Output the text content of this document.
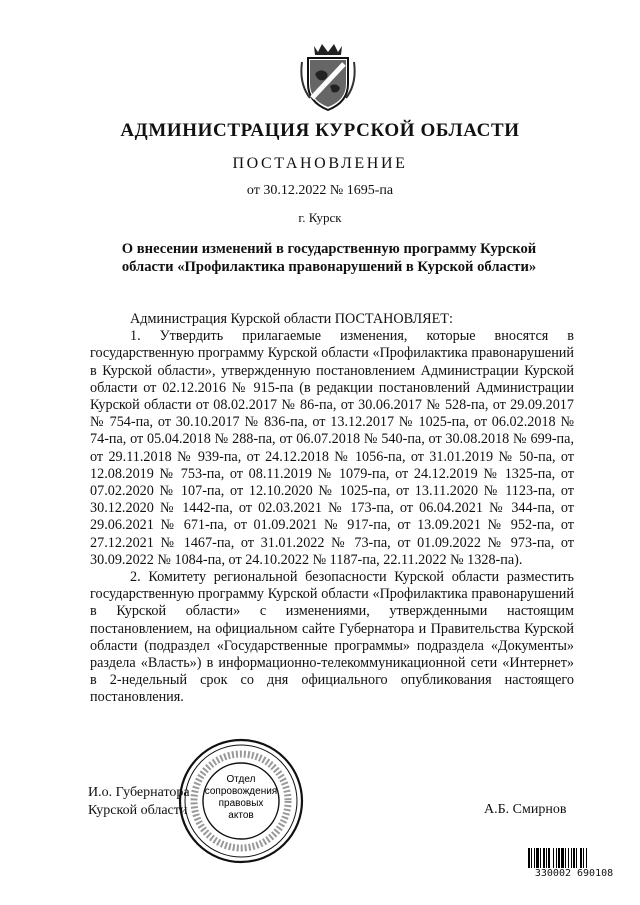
АДМИНИСТРАЦИЯ КУРСКОЙ ОБЛАСТИ
ПОСТАНОВЛЕНИЕ
от 30.12.2022 № 1695-па
г. Курск
О внесении изменений в государственную программу Курской
области «Профилактика правонарушений в Курской области»

Администрация Курской области ПОСТАНОВЛЯЕТ:

1. Утвердить прилагаемые изменения, которые вносятся в государственную программу Курской области «Профилактика правонарушений в Курской области», утвержденную постановлением Администрации Курской области от 02.12.2016 № 915-па (в редакции постановлений Администрации Курской области от 08.02.2017 № 86-па, от 30.06.2017 № 528-па, от 29.09.2017 № 754-па, от 30.10.2017 № 836-па, от 13.12.2017 № 1025-па, от 06.02.2018 № 74-па, от 05.04.2018 № 288-па, от 06.07.2018 № 540-па, от 30.08.2018 № 699-па, от 29.11.2018 № 939-па, от 24.12.2018 № 1056-па, от 31.01.2019 № 50-па, от 12.08.2019 № 753-па, от 08.11.2019 № 1079-па, от 24.12.2019 № 1325-па, от 07.02.2020 № 107-па, от 12.10.2020 № 1025-па, от 13.11.2020 № 1123-па, от 30.12.2020 № 1442-па, от 02.03.2021 № 173-па, от 06.04.2021 № 344-па, от 29.06.2021 № 671-па, от 01.09.2021 № 917-па, от 13.09.2021 № 952-па, от 27.12.2021 № 1467-па, от 31.01.2022 № 73-па, от 01.09.2022 № 973-па, от 30.09.2022 № 1084-па, от 24.10.2022 № 1187-па, 22.11.2022 № 1328-па).

2. Комитету региональной безопасности Курской области разместить государственную программу Курской области «Профилактика правонарушений в Курской области» с изменениями, утвержденными настоящим постановлением, на официальном сайте Губернатора и Правительства Курской области (подраздел «Государственные программы» подраздела «Документы» раздела «Власть») в информационно-телекоммуникационной сети «Интернет» в 2-недельный срок со дня официального опубликования настоящего постановления.

И.о. Губернатора
Курской области	А.Б. Смирнов
Отдел
сопровождения
правовых
актов
330002 690108
